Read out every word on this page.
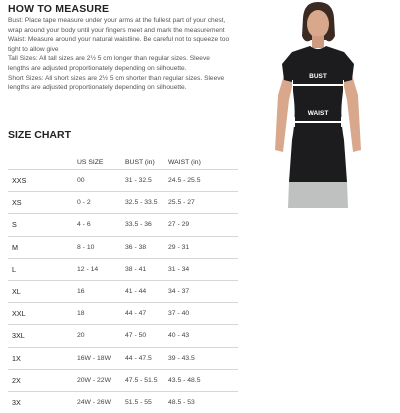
HOW TO MEASURE

Bust: Place tape measure under your arms at the fullest part of your chest, wrap around your body until your fingers meet and mark the measurement

Waist: Measure around your natural waistline. Be careful not to squeeze too tight to allow give

Tall Sizes: All tall sizes are 2½ 5 cm longer than regular sizes. Sleeve lengths are adjusted proportionately depending on silhouette.

Short Sizes: All short sizes are 2½ 5 cm shorter than regular sizes. Sleeve lengths are adjusted proportionately depending on silhouette.

BUST
WAIST
SIZE CHART
	US SIZE	BUST (in)	WAIST (in)
XXS	00	31 - 32.5	24.5 - 25.5
XS	0 - 2	32.5 - 33.5	25.5 - 27
S	4 - 6	33.5 - 36	27 - 29
M	8 - 10	36 - 38	29 - 31
L	12 - 14	38 - 41	31 - 34
XL	16	41 - 44	34 - 37
XXL	18	44 - 47	37 - 40
3XL	20	47 - 50	40 - 43
1X	16W - 18W	44 - 47.5	39 - 43.5
2X	20W - 22W	47.5 - 51.5	43.5 - 48.5
3X	24W - 26W	51.5 - 55	48.5 - 53
